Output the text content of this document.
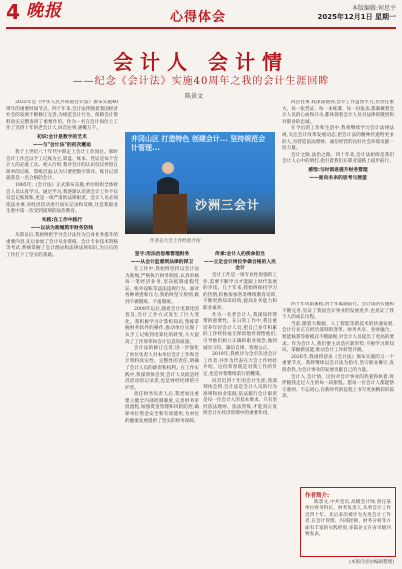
4 晚报	心得体会
本版编辑:何思平
2025年12月1日 星期一
会计人 会计情
——纪念《会计法》实施40周年之我的会计生涯回眸
陈景文

2025年是《中华人民共和国会计法》颁布实施40周年的重要时间节点。四十年来,会计法伴随着我国经济社会的发展不断修订完善,为规范会计行为、保障会计资料真实完整发挥了重要作用。作为一名在会计岗位上工作了近四十年的老会计人,回首往事,感慨万千。

初识:会计是数字的艺术
——与"会计法"的初次邂逅

我于上世纪八十年代中期走上会计工作岗位。那时会计工作还以手工记账为主,算盘、账本、凭证是每个会计人的必备工具。初入行时,我对会计的认识仅仅停留在简单的记账、算账层面,认为只要把数字算对、账目记清就算是一名合格的会计。

1985年,《会计法》正式颁布实施,单位组织全体财会人员认真学习。通过学习,我逐渐认识到会计工作不仅仅是记账算账,更是一项严肃的法律职责。会计人员必须依法办事,对经济活动进行如实记录和反映,这是我职业生涯中第一次受到深刻的法治教育。

实践:在工作中践行
——以法为准绳筑牢财务防线

从那以后,我始终把学习会计法作为自身业务提升的重要内容,先后参加了会计从业资格、会计专业技术资格等考试,系统掌握了会计理论和法律法规知识,为日后的工作打下了坚实的基础。	坚守:用法治思维管理财务
——从会计监督到法律的捍卫

在工作中,我始终坚持以会计法为准绳,严格执行财务制度,认真审核每一笔经济业务,坚决抵制虚假凭证、账外设账等违法违规行为。面对各种诱惑和压力,我始终坚守原则,做到不做假账、不报假账。

2000年以后,随着会计电算化的普及,会计工作方式发生了巨大变化。我积极学习计算机知识,熟练掌握财务软件的操作,推动单位实现了从手工记账到电算化的转变,大大提高了工作效率和会计信息的质量。

会计法的修订完善,进一步强化了单位负责人对本单位会计工作和会计资料真实性、完整性的责任,明确了会计人员的职责和权利。在工作实践中,我深刻体会到,会计人员既是经济活动的记录者,也是财经纪律的守护者。

担任财务负责人后,我更加注重建立健全内部控制制度,完善财务审批流程,加强资金管理和风险防控,确保单位资金安全和有效使用,为单位的健康发展提供了坚实的财务保障。

传承:会计人的使命担当
——立足会计岗位争做合格的人民会计

会计工作是一项专业性很强的工作,需要不断学习才能跟上时代发展的步伐。几十年来,我始终保持学习的热情,积极参加各类继续教育培训,不断更新知识结构,提高业务能力和职业素养。

作为一名老会计人,我深知传帮带的重要性。在日常工作中,我注重培养年轻会计人员,把自己多年积累的工作经验毫无保留地传授给他们,引导他们树立正确的职业观念,做到诚实守信、廉洁自律、客观公正。

2019年,我被评为全市先进会计工作者,并作为代表在大会上作经验介绍。这份荣誉既是对我工作的肯定,也是对我继续前行的鞭策。

回首近四十年的会计生涯,我深刻体会到,会计法是会计人员的行为准则和执业依据,依法履行会计职责是每一位会计人的基本要求。只有坚持依法理财、依法管账,才能真正发挥会计在经济管理中的重要作用。

回首往事,我深深感到,会计工作虽然平凡,但责任重大。每一张凭证、每一本账簿、每一份报表,都凝聚着会计人员的心血和汗水,都体现着会计人员对法律的敬畏和对职业的忠诚。

在今后的工作和生活中,我将继续学习会计法律法规,关注会计改革发展动态,把会计法的精神传递给更多的人,为营造依法理财、诚信经营的良好社会环境贡献一份力量。

会计之路,法治之路。四十年来,会计法始终是我们会计人心中的明灯,指引着我们在职业道路上稳步前行。

感悟:与时俱进提升财务管理
——面向未来的思考与展望

四十年风雨兼程,四十年砥砺前行。会计法的实施和不断完善,见证了我国会计事业的发展进步,也见证了我个人的成长历程。

当前,随着大数据、人工智能等新技术的快速发展,会计行业正在经历深刻的变革。财务共享、业财融合、智能核算等新模式不断涌现,对会计人员提出了更高的要求。作为会计人,我们要主动适应新形势,不断学习新知识、掌握新技能,推动会计工作转型升级。

2026年,我国将迎来《会计法》颁布实施的又一个重要节点。我将继续以会计法为指引,坚守职业操守,发挥余热,为会计事业的发展贡献自己的力量。

会计人,会计情。这份对会计事业的热爱和执着,将伴随我走过人生的每一段旅程。愿每一位会计人都能恪守准则、不忘初心,在新时代的征程上书写更加精彩的篇章。

井冈山区 打造特色 创建会计... 坚持规范会计管理...
沙洲三会计
作者在大会上作经验介绍
作者简介:
陈景文,中共党员,高级会计师,曾任某单位财务科长、财务负责人,从事会计工作近四十年。先后多次被评为先进会计工作者,在会计管理、内部控制、财务分析等方面有丰富的实践经验,多篇论文在省市级刊物发表。
(本版内容由编辑整理)
